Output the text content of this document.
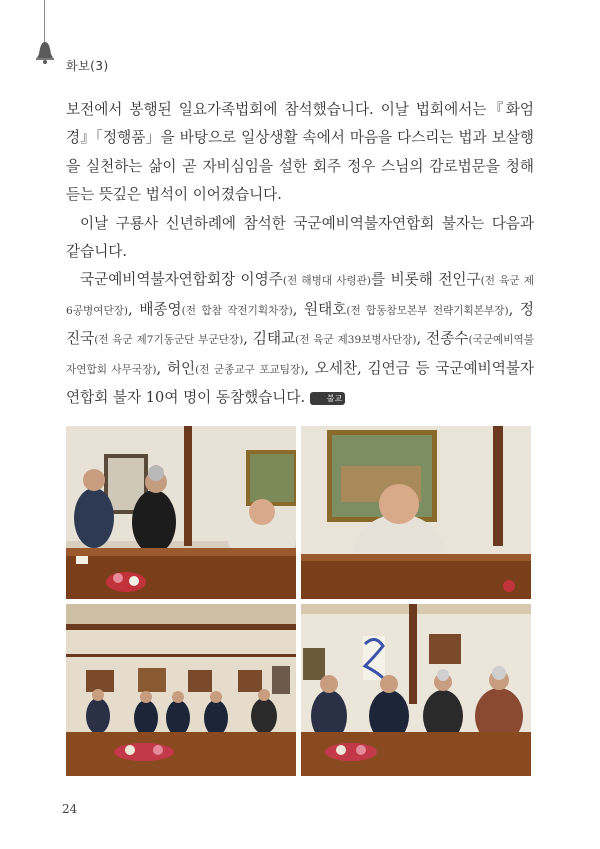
화보(3)

보전에서 봉행된 일요가족법회에 참석했습니다. 이날 법회에서는『화엄경』「정행품」을 바탕으로 일상생활 속에서 마음을 다스리는 법과 보살행을 실천하는 삶이 곧 자비심임을 설한 회주 정우 스님의 감로법문을 청해 듣는 뜻깊은 법석이 이어졌습니다.

이날 구룡사 신년하례에 참석한 국군예비역불자연합회 불자는 다음과 같습니다.

국군예비역불자연합회장 이영주(전 해병대 사령관)를 비롯해 전인구(전 육군 제6공병여단장), 배종영(전 합참 작전기획차장), 원태호(전 합동참모본부 전략기획본부장), 정진국(전 육군 제7기동군단 부군단장), 김태교(전 육군 제39보병사단장), 전종수(국군예비역불자연합회 사무국장), 허인(전 군종교구 포교팀장), 오세찬, 김연금 등 국군예비역불자연합회 불자 10여 명이 동참했습니다.	불교

24
